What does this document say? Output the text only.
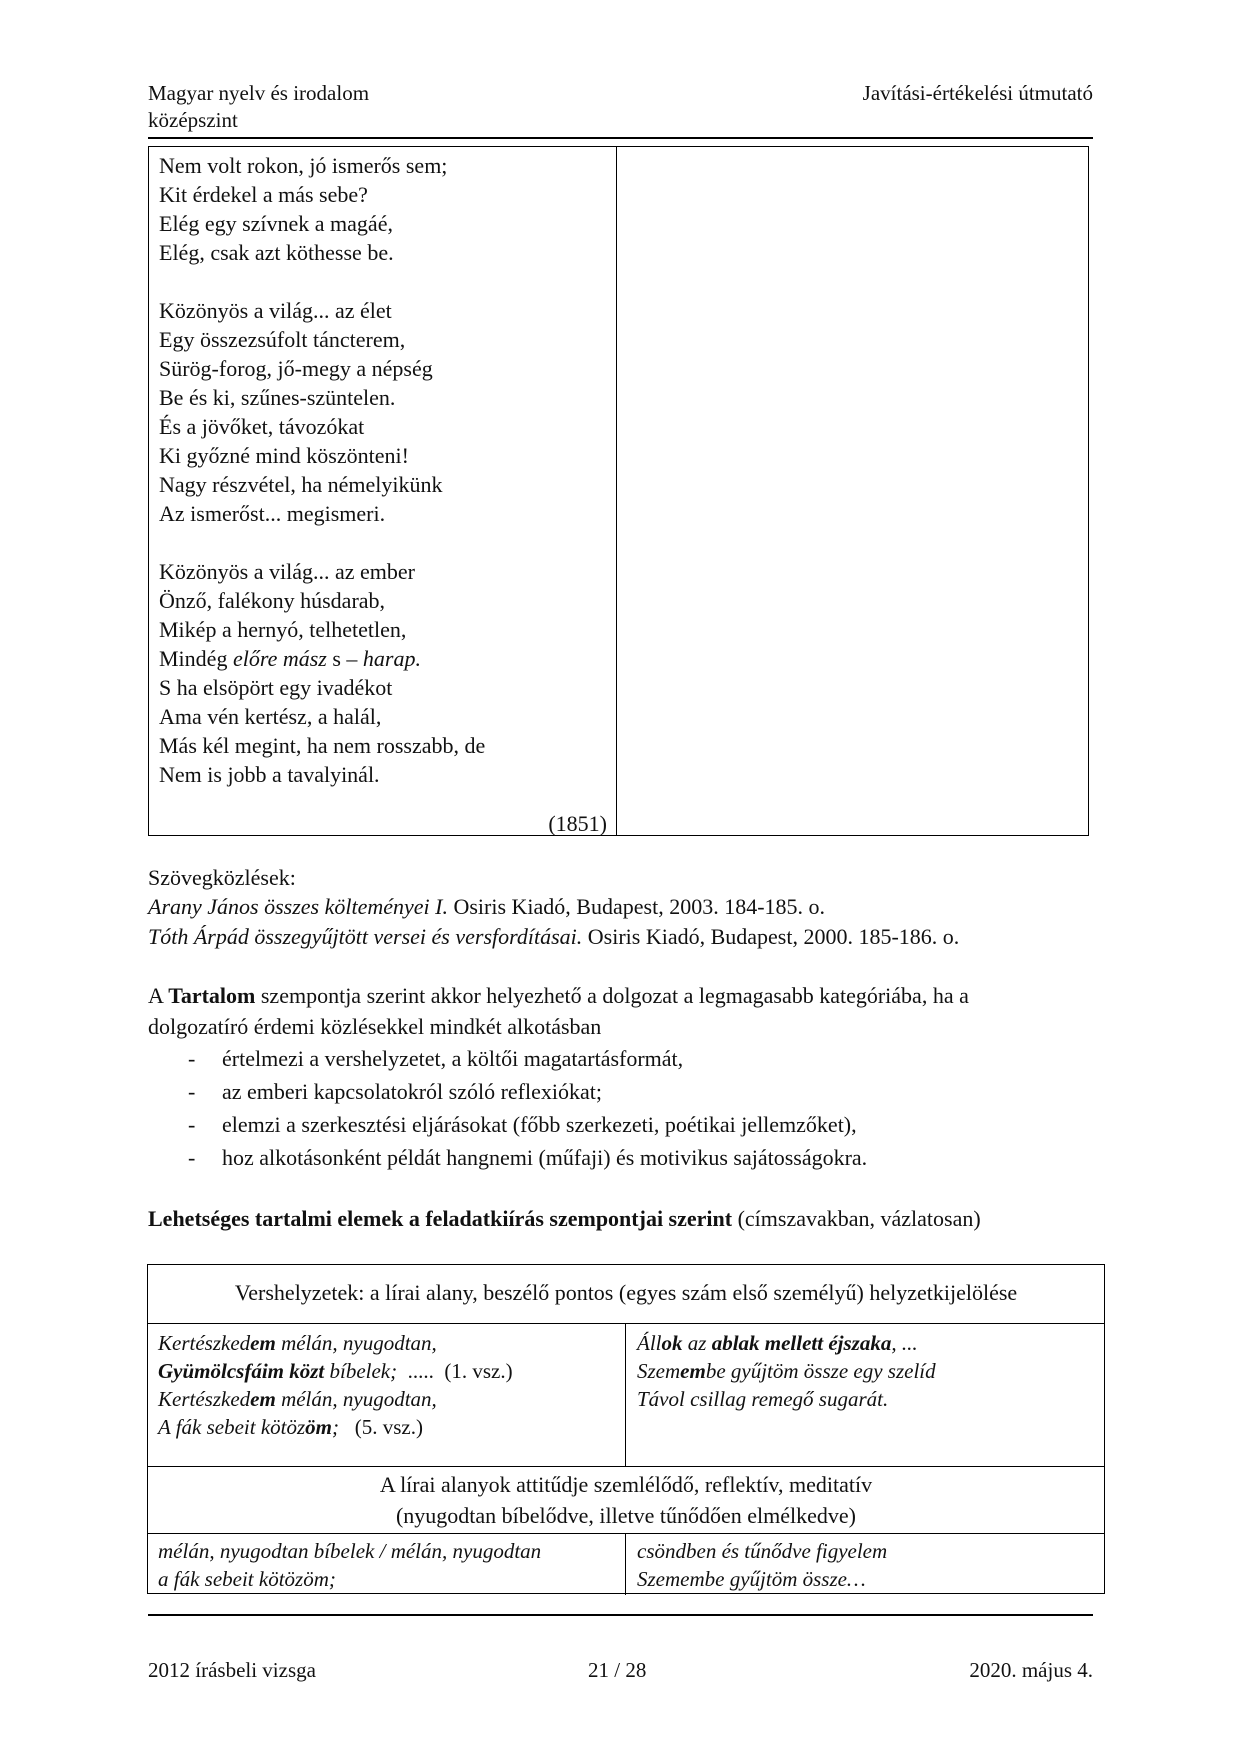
Magyar nyelv és irodalom
középszint
Javítási-értékelési útmutató
Nem volt rokon, jó ismerős sem;
Kit érdekel a más sebe?
Elég egy szívnek a magáé,
Elég, csak azt köthesse be.
Közönyös a világ... az élet
Egy összezsúfolt táncterem,
Sürög-forog, jő-megy a népség
Be és ki, szűnes-szüntelen.
És a jövőket, távozókat
Ki győzné mind köszönteni!
Nagy részvétel, ha némelyikünk
Az ismerőst... megismeri.
Közönyös a világ... az ember
Önző, falékony húsdarab,
Mikép a hernyó, telhetetlen,
Mindég előre mász s – harap.
S ha elsöpört egy ivadékot
Ama vén kertész, a halál,
Más kél megint, ha nem rosszabb, de
Nem is jobb a tavalyinál.
(1851)
Szövegközlések:
Arany János összes költeményei I. Osiris Kiadó, Budapest, 2003. 184-185. o.
Tóth Árpád összegyűjtött versei és versfordításai. Osiris Kiadó, Budapest, 2000. 185-186. o.
A Tartalom szempontja szerint akkor helyezhető a dolgozat a legmagasabb kategóriába, ha a
dolgozatíró érdemi közlésekkel mindkét alkotásban
- értelmezi a vershelyzetet, a költői magatartásformát,
- az emberi kapcsolatokról szóló reflexiókat;
- elemzi a szerkesztési eljárásokat (főbb szerkezeti, poétikai jellemzőket),
- hoz alkotásonként példát hangnemi (műfaji) és motivikus sajátosságokra.
Lehetséges tartalmi elemek a feladatkiírás szempontjai szerint (címszavakban, vázlatosan)
Vershelyzetek: a lírai alany, beszélő pontos (egyes szám első személyű) helyzetkijelölése
Kertészkedem mélán, nyugodtan,
Gyümölcsfáim közt bíbelek;  .....  (1. vsz.)
Kertészkedem mélán, nyugodtan,
A fák sebeit kötözöm;   (5. vsz.)
Állok az ablak mellett éjszaka, ...
Szemembe gyűjtöm össze egy szelíd
Távol csillag remegő sugarát.
A lírai alanyok attitűdje szemlélődő, reflektív, meditatív
(nyugodtan bíbelődve, illetve tűnődően elmélkedve)
mélán, nyugodtan bíbelek / mélán, nyugodtan
a fák sebeit kötözöm;
csöndben és tűnődve figyelem
Szemembe gyűjtöm össze…
2012 írásbeli vizsga	21 / 28	2020. május 4.
